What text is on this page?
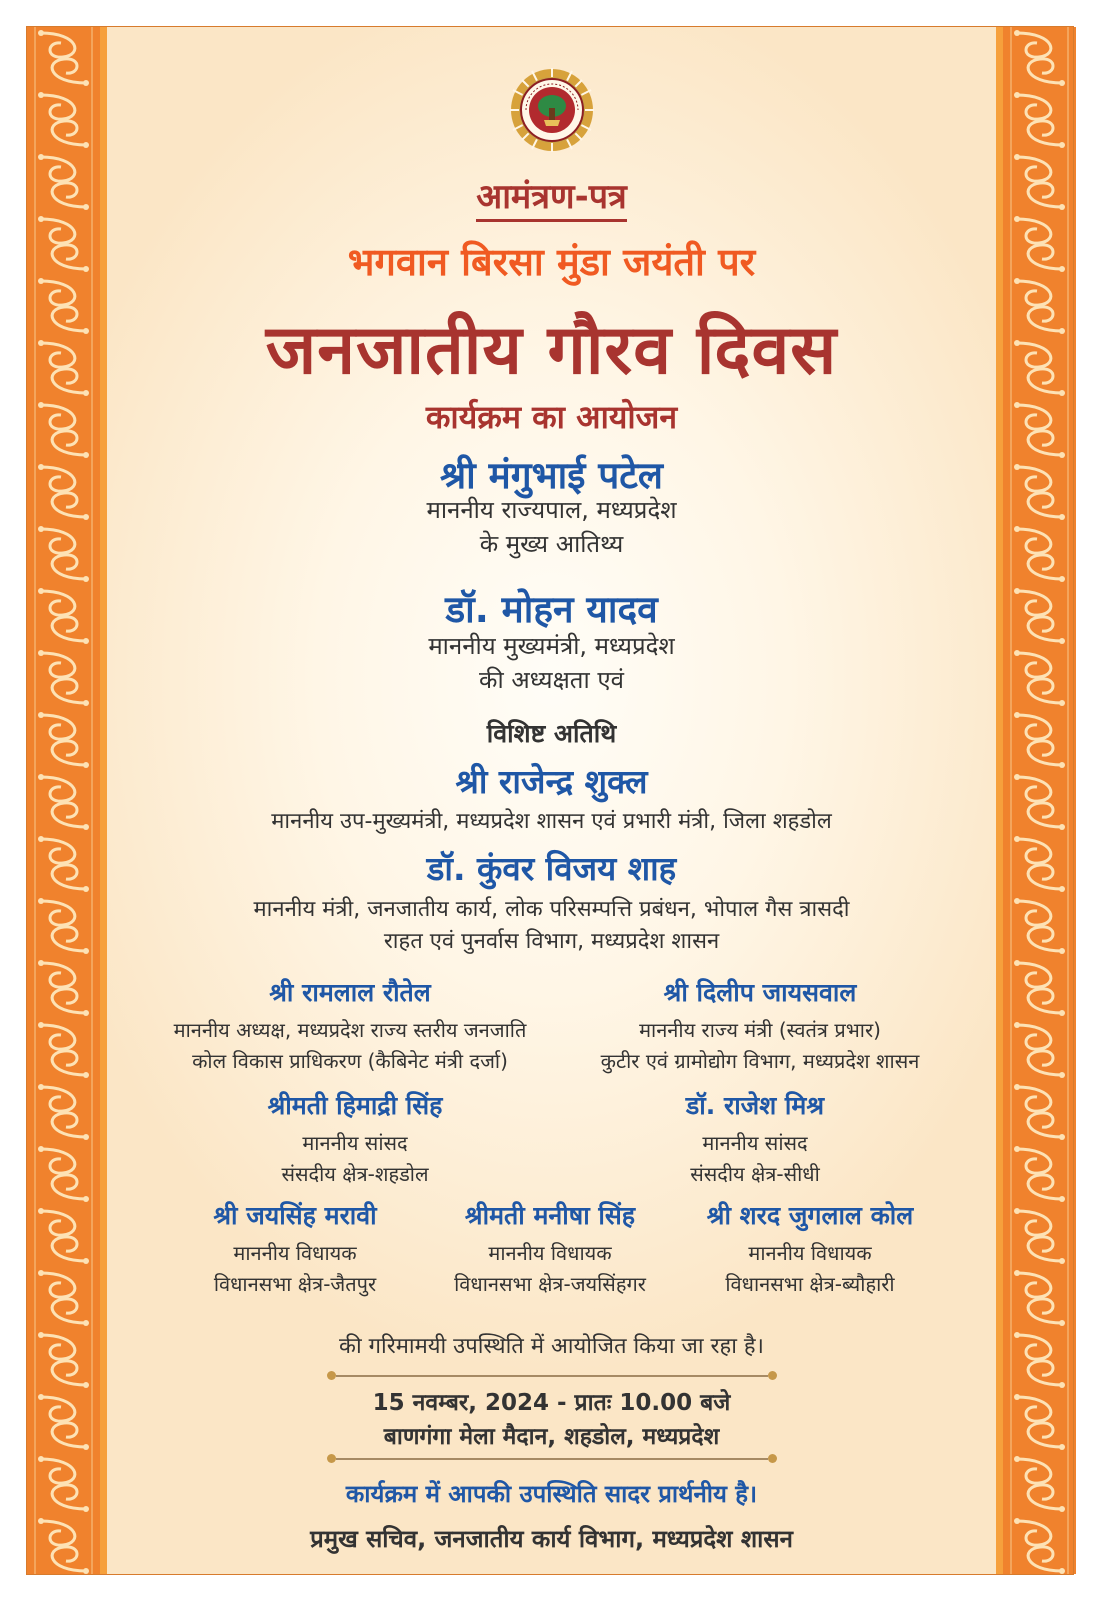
आमंत्रण-पत्र
भगवान बिरसा मुंडा जयंती पर
जनजातीय गौरव दिवस
कार्यक्रम का आयोजन
श्री मंगुभाई पटेल
माननीय राज्यपाल, मध्यप्रदेश
के मुख्य आतिथ्य
डॉ. मोहन यादव
माननीय मुख्यमंत्री, मध्यप्रदेश
की अध्यक्षता एवं
विशिष्ट अतिथि
श्री राजेन्द्र शुक्ल
माननीय उप-मुख्यमंत्री, मध्यप्रदेश शासन एवं प्रभारी मंत्री, जिला शहडोल
डॉ. कुंवर विजय शाह
माननीय मंत्री, जनजातीय कार्य, लोक परिसम्पत्ति प्रबंधन, भोपाल गैस त्रासदी
राहत एवं पुनर्वास विभाग, मध्यप्रदेश शासन
श्री रामलाल रौतेल
माननीय अध्यक्ष, मध्यप्रदेश राज्य स्तरीय जनजाति
कोल विकास प्राधिकरण (कैबिनेट मंत्री दर्जा)
श्री दिलीप जायसवाल
माननीय राज्य मंत्री (स्वतंत्र प्रभार)
कुटीर एवं ग्रामोद्योग विभाग, मध्यप्रदेश शासन
श्रीमती हिमाद्री सिंह
माननीय सांसद
संसदीय क्षेत्र-शहडोल
डॉ. राजेश मिश्र
माननीय सांसद
संसदीय क्षेत्र-सीधी
श्री जयसिंह मरावी
माननीय विधायक
विधानसभा क्षेत्र-जैतपुर
श्रीमती मनीषा सिंह
माननीय विधायक
विधानसभा क्षेत्र-जयसिंहगर
श्री शरद जुगलाल कोल
माननीय विधायक
विधानसभा क्षेत्र-ब्यौहारी
की गरिमामयी उपस्थिति में आयोजित किया जा रहा है।
15 नवम्बर, 2024 - प्रातः 10.00 बजे
बाणगंगा मेला मैदान, शहडोल, मध्यप्रदेश
कार्यक्रम में आपकी उपस्थिति सादर प्रार्थनीय है।
प्रमुख सचिव, जनजातीय कार्य विभाग, मध्यप्रदेश शासन
